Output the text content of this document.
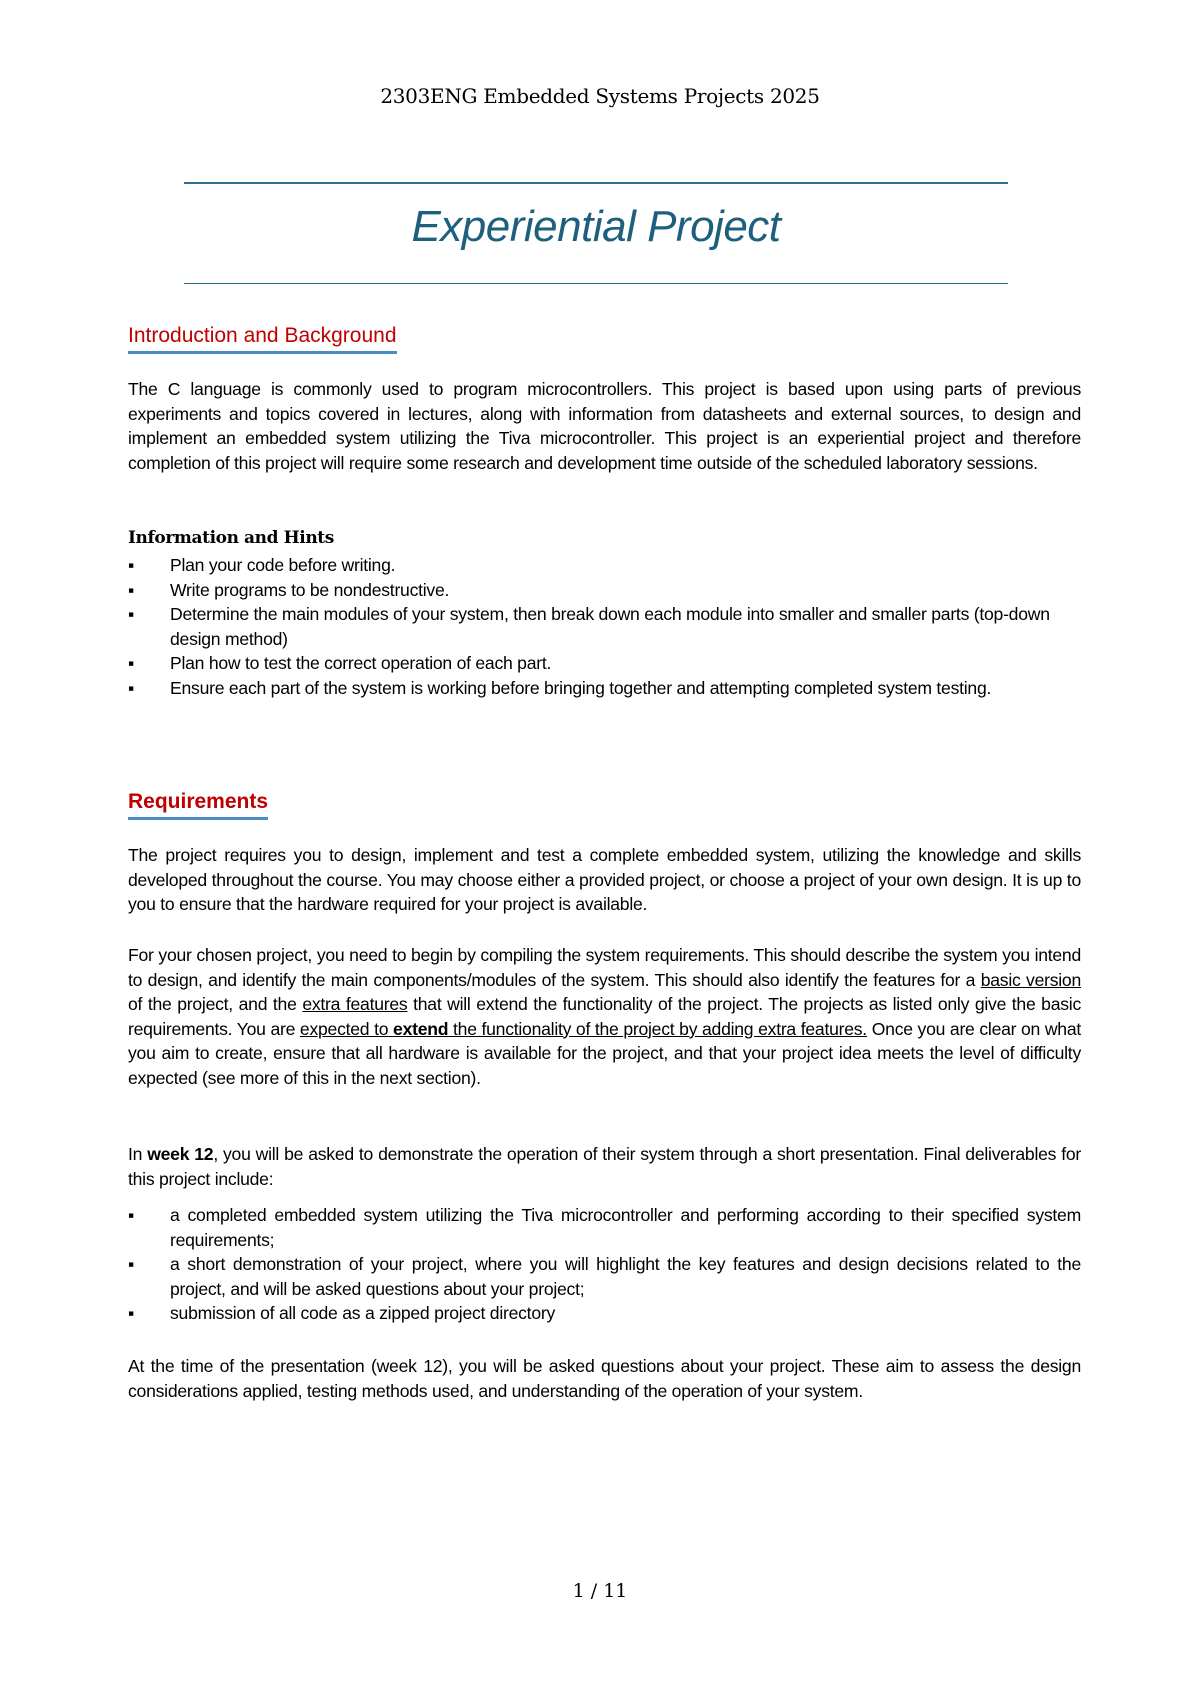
2303ENG Embedded Systems Projects 2025
Experiential Project
Introduction and Background
The C language is commonly used to program microcontrollers. This project is based upon using parts of previous experiments and topics covered in lectures, along with information from datasheets and external sources, to design and implement an embedded system utilizing the Tiva microcontroller. This project is an experiential project and therefore completion of this project will require some research and development time outside of the scheduled laboratory sessions.
Information and Hints
▪	Plan your code before writing.
▪	Write programs to be nondestructive.
▪	Determine the main modules of your system, then break down each module into smaller and smaller parts (top-down design method)
▪	Plan how to test the correct operation of each part.
▪	Ensure each part of the system is working before bringing together and attempting completed system testing.
Requirements
The project requires you to design, implement and test a complete embedded system, utilizing the knowledge and skills developed throughout the course. You may choose either a provided project, or choose a project of your own design. It is up to you to ensure that the hardware required for your project is available.
For your chosen project, you need to begin by compiling the system requirements. This should describe the system you intend to design, and identify the main components/modules of the system. This should also identify the features for a basic version of the project, and the extra features that will extend the functionality of the project. The projects as listed only give the basic requirements. You are expected to extend the functionality of the project by adding extra features. Once you are clear on what you aim to create, ensure that all hardware is available for the project, and that your project idea meets the level of difficulty expected (see more of this in the next section).
In week 12, you will be asked to demonstrate the operation of their system through a short presentation. Final deliverables for this project include:
▪	a completed embedded system utilizing the Tiva microcontroller and performing according to their specified system requirements;
▪	a short demonstration of your project, where you will highlight the key features and design decisions related to the project, and will be asked questions about your project;
▪	submission of all code as a zipped project directory
At the time of the presentation (week 12), you will be asked questions about your project. These aim to assess the design considerations applied, testing methods used, and understanding of the operation of your system.
1 / 11
